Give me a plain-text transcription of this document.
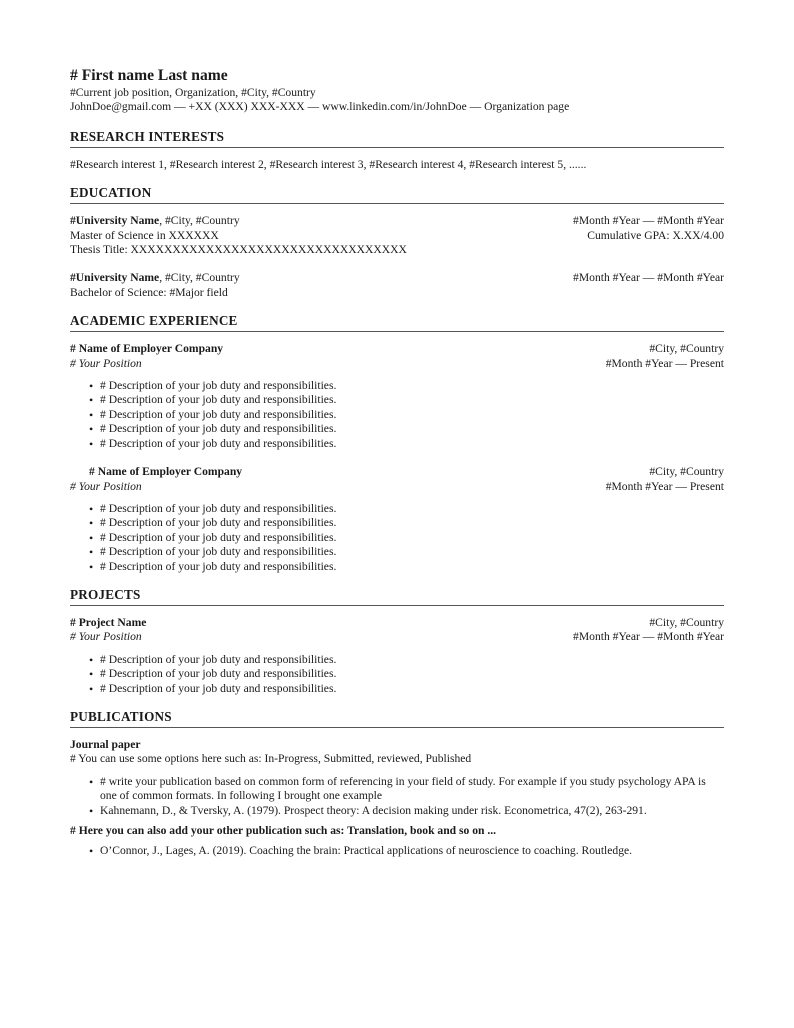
# First name Last name
#Current job position, Organization, #City, #Country
JohnDoe@gmail.com — +XX (XXX) XXX-XXX — www.linkedin.com/in/JohnDoe — Organization page
RESEARCH INTERESTS
#Research interest 1, #Research interest 2, #Research interest 3, #Research interest 4, #Research interest 5, ......
EDUCATION
#University Name, #City, #Country	#Month #Year — #Month #Year
Master of Science in XXXXXX	Cumulative GPA: X.XX/4.00
Thesis Title: XXXXXXXXXXXXXXXXXXXXXXXXXXXXXXXXX
#University Name, #City, #Country	#Month #Year — #Month #Year
Bachelor of Science: #Major field
ACADEMIC EXPERIENCE
# Name of Employer Company	#City, #Country
# Your Position	#Month #Year — Present
• # Description of your job duty and responsibilities.
• # Description of your job duty and responsibilities.
• # Description of your job duty and responsibilities.
• # Description of your job duty and responsibilities.
• # Description of your job duty and responsibilities.
# Name of Employer Company	#City, #Country
# Your Position	#Month #Year — Present
• # Description of your job duty and responsibilities.
• # Description of your job duty and responsibilities.
• # Description of your job duty and responsibilities.
• # Description of your job duty and responsibilities.
• # Description of your job duty and responsibilities.
PROJECTS
# Project Name	#City, #Country
# Your Position	#Month #Year — #Month #Year
• # Description of your job duty and responsibilities.
• # Description of your job duty and responsibilities.
• # Description of your job duty and responsibilities.
PUBLICATIONS
Journal paper
# You can use some options here such as: In-Progress, Submitted, reviewed, Published
• # write your publication based on common form of referencing in your field of study. For example if you study psychology APA is one of common formats. In following I brought one example
• Kahnemann, D., & Tversky, A. (1979). Prospect theory: A decision making under risk. Econometrica, 47(2), 263-291.
# Here you can also add your other publication such as: Translation, book and so on ...
• O’Connor, J., Lages, A. (2019). Coaching the brain: Practical applications of neuroscience to coaching. Routledge.
